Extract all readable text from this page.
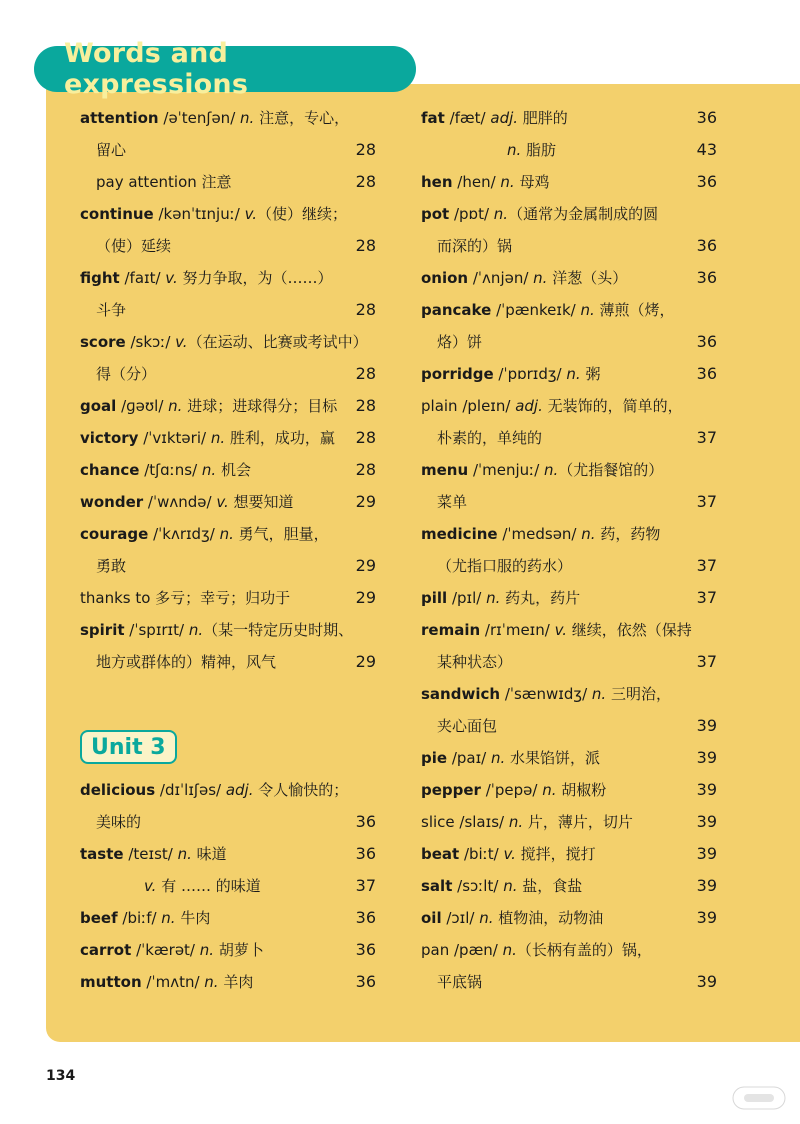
Words and expressions
attention /əˈtenʃən/ n. 注意，专心，
留心	28
pay attention 注意	28
continue /kənˈtɪnjuː/ v.（使）继续；
（使）延续	28
fight /faɪt/ v. 努力争取，为（……）
斗争	28
score /skɔː/ v.（在运动、比赛或考试中）
得（分）	28
goal /ɡəʊl/ n. 进球；进球得分；目标	28
victory /ˈvɪktəri/ n. 胜利，成功，赢	28
chance /tʃɑːns/ n. 机会	28
wonder /ˈwʌndə/ v. 想要知道	29
courage /ˈkʌrɪdʒ/ n. 勇气，胆量，
勇敢	29
thanks to 多亏；幸亏；归功于	29
spirit /ˈspɪrɪt/ n.（某一特定历史时期、
地方或群体的）精神，风气	29
Unit 3
delicious /dɪˈlɪʃəs/ adj. 令人愉快的；
美味的	36
taste /teɪst/ n. 味道	36
v. 有 …… 的味道	37
beef /biːf/ n. 牛肉	36
carrot /ˈkærət/ n. 胡萝卜	36
mutton /ˈmʌtn/ n. 羊肉	36
fat /fæt/ adj. 肥胖的	36
n. 脂肪	43
hen /hen/ n. 母鸡	36
pot /pɒt/ n.（通常为金属制成的圆
而深的）锅	36
onion /ˈʌnjən/ n. 洋葱（头）	36
pancake /ˈpænkeɪk/ n. 薄煎（烤，
烙）饼	36
porridge /ˈpɒrɪdʒ/ n. 粥	36
plain /pleɪn/ adj. 无装饰的，简单的，
朴素的，单纯的	37
menu /ˈmenjuː/ n.（尤指餐馆的）
菜单	37
medicine /ˈmedsən/ n. 药，药物
（尤指口服的药水）	37
pill /pɪl/ n. 药丸，药片	37
remain /rɪˈmeɪn/ v. 继续，依然（保持
某种状态）	37
sandwich /ˈsænwɪdʒ/ n. 三明治，
夹心面包	39
pie /paɪ/ n. 水果馅饼，派	39
pepper /ˈpepə/ n. 胡椒粉	39
slice /slaɪs/ n. 片，薄片，切片	39
beat /biːt/ v. 搅拌，搅打	39
salt /sɔːlt/ n. 盐，食盐	39
oil /ɔɪl/ n. 植物油，动物油	39
pan /pæn/ n.（长柄有盖的）锅，
平底锅	39
134
